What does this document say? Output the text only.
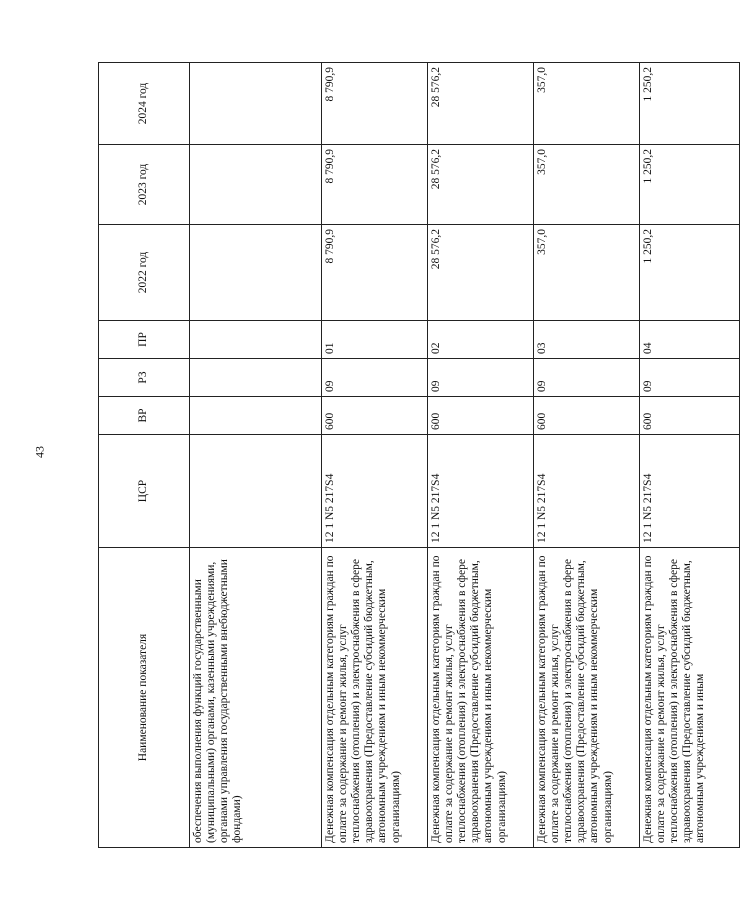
43
Наименование показателя	ЦСР	ВР	РЗ	ПР	2022 год	2023 год	2024 год
обеспечения выполнения функций государственными (муниципальными) органами, казенными учреждениями, органами управления государственными внебюджетными фондами)							
Денежная компенсация отдельным категориям граждан по оплате за содержание и ремонт жилья, услуг теплоснабжения (отопления) и электроснабжения в сфере здравоохранения (Предоставление субсидий бюджетным, автономным учреждениям и иным некоммерческим организациям)	12 1 N5 217S4	600	09	01	8 790,9	8 790,9	8 790,9
Денежная компенсация отдельным категориям граждан по оплате за содержание и ремонт жилья, услуг теплоснабжения (отопления) и электроснабжения в сфере здравоохранения (Предоставление субсидий бюджетным, автономным учреждениям и иным некоммерческим организациям)	12 1 N5 217S4	600	09	02	28 576,2	28 576,2	28 576,2
Денежная компенсация отдельным категориям граждан по оплате за содержание и ремонт жилья, услуг теплоснабжения (отопления) и электроснабжения в сфере здравоохранения (Предоставление субсидий бюджетным, автономным учреждениям и иным некоммерческим организациям)	12 1 N5 217S4	600	09	03	357,0	357,0	357,0
Денежная компенсация отдельным категориям граждан по оплате за содержание и ремонт жилья, услуг теплоснабжения (отопления) и электроснабжения в сфере здравоохранения (Предоставление субсидий бюджетным, автономным учреждениям и иным	12 1 N5 217S4	600	09	04	1 250,2	1 250,2	1 250,2
